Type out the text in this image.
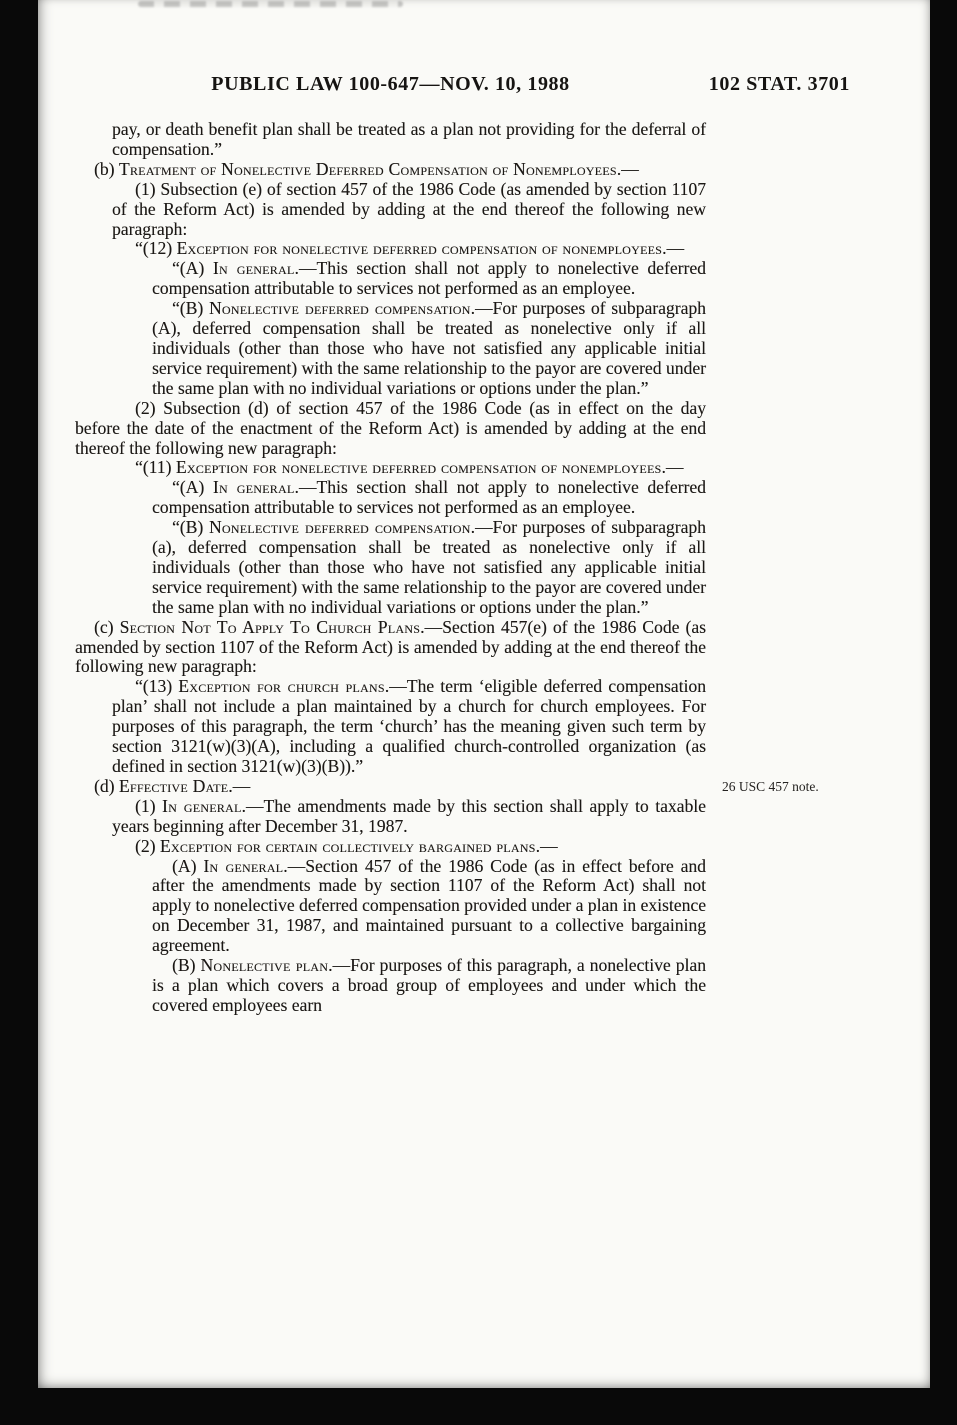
PUBLIC LAW 100-647—NOV. 10, 1988	102 STAT. 3701

pay, or death benefit plan shall be treated as a plan not providing for the deferral of compensation.”

(b) Treatment of Nonelective Deferred Compensation of Nonemployees.—

(1) Subsection (e) of section 457 of the 1986 Code (as amended by section 1107 of the Reform Act) is amended by adding at the end thereof the following new paragraph:

“(12) Exception for nonelective deferred compensation of nonemployees.—

“(A) In general.—This section shall not apply to nonelective deferred compensation attributable to services not performed as an employee.

“(B) Nonelective deferred compensation.—For purposes of subparagraph (A), deferred compensation shall be treated as nonelective only if all individuals (other than those who have not satisfied any applicable initial service requirement) with the same relationship to the payor are covered under the same plan with no individual variations or options under the plan.”

(2) Subsection (d) of section 457 of the 1986 Code (as in effect on the day before the date of the enactment of the Reform Act) is amended by adding at the end thereof the following new paragraph:

“(11) Exception for nonelective deferred compensation of nonemployees.—

“(A) In general.—This section shall not apply to nonelective deferred compensation attributable to services not performed as an employee.

“(B) Nonelective deferred compensation.—For purposes of subparagraph (a), deferred compensation shall be treated as nonelective only if all individuals (other than those who have not satisfied any applicable initial service requirement) with the same relationship to the payor are covered under the same plan with no individual variations or options under the plan.”

(c) Section Not To Apply To Church Plans.—Section 457(e) of the 1986 Code (as amended by section 1107 of the Reform Act) is amended by adding at the end thereof the following new paragraph:

“(13) Exception for church plans.—The term ‘eligible deferred compensation plan’ shall not include a plan maintained by a church for church employees. For purposes of this paragraph, the term ‘church’ has the meaning given such term by section 3121(w)(3)(A), including a qualified church-controlled organization (as defined in section 3121(w)(3)(B)).”

(d) Effective Date.—	26 USC 457 note.

(1) In general.—The amendments made by this section shall apply to taxable years beginning after December 31, 1987.

(2) Exception for certain collectively bargained plans.—

(A) In general.—Section 457 of the 1986 Code (as in effect before and after the amendments made by section 1107 of the Reform Act) shall not apply to nonelective deferred compensation provided under a plan in existence on December 31, 1987, and maintained pursuant to a collective bargaining agreement.

(B) Nonelective plan.—For purposes of this paragraph, a nonelective plan is a plan which covers a broad group of employees and under which the covered employees earn
